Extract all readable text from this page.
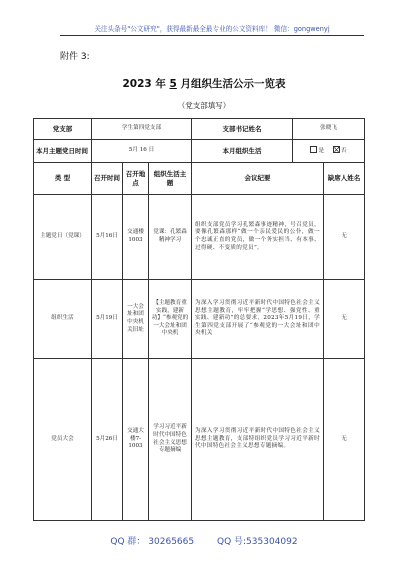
关注头条号"公文研究"，获得最新最全最专业的公文资料库！ 微信：gongwenyj
附件 3:
2023 年 5 月组织生活公示一览表
（党支部填写）
党支部	学生第四党支部			支部书记姓名	张晓飞	
本月主题党日时间	5月 16 日			本月组织生活	是 否	
类 型	召开时间	召开地点	组织生活主题	会议纪要		缺席人姓名
主题党日（党课）	5月16日	交通楼1003	党课：孔繁森精神学习	组织支部党员学习孔繁森事迹精神，号召党员，要像孔繁森那样“做一个亲民爱民的公仆，做一个忠诚正直的党员，做一个务实担当、有本事、过得硬、不变质的党员”。		无
组织生活	5月19日	一大会址和团中央机关旧址	【主题教育重实践，建新功】“参观党的一大会址和团中央机	为深入学习贯彻习近平新时代中国特色社会主义思想主题教育，牢牢把握“学思想、强党性、重实践、建新功”的总要求，2023年5月19日，学生第四党支部开展了“参观党的一大会址和团中央机关		无
党员大会	5月26日	交通大楼7-1003	学习习近平新时代中国特色社会主义思想专题摘编	为深入学习贯彻习近平新时代中国特色社会主义思想主题教育，支部特组织党员学习习近平新时代中国特色社会主义思想专题摘编。		无
QQ 群： 30265665	QQ 号:535304092
